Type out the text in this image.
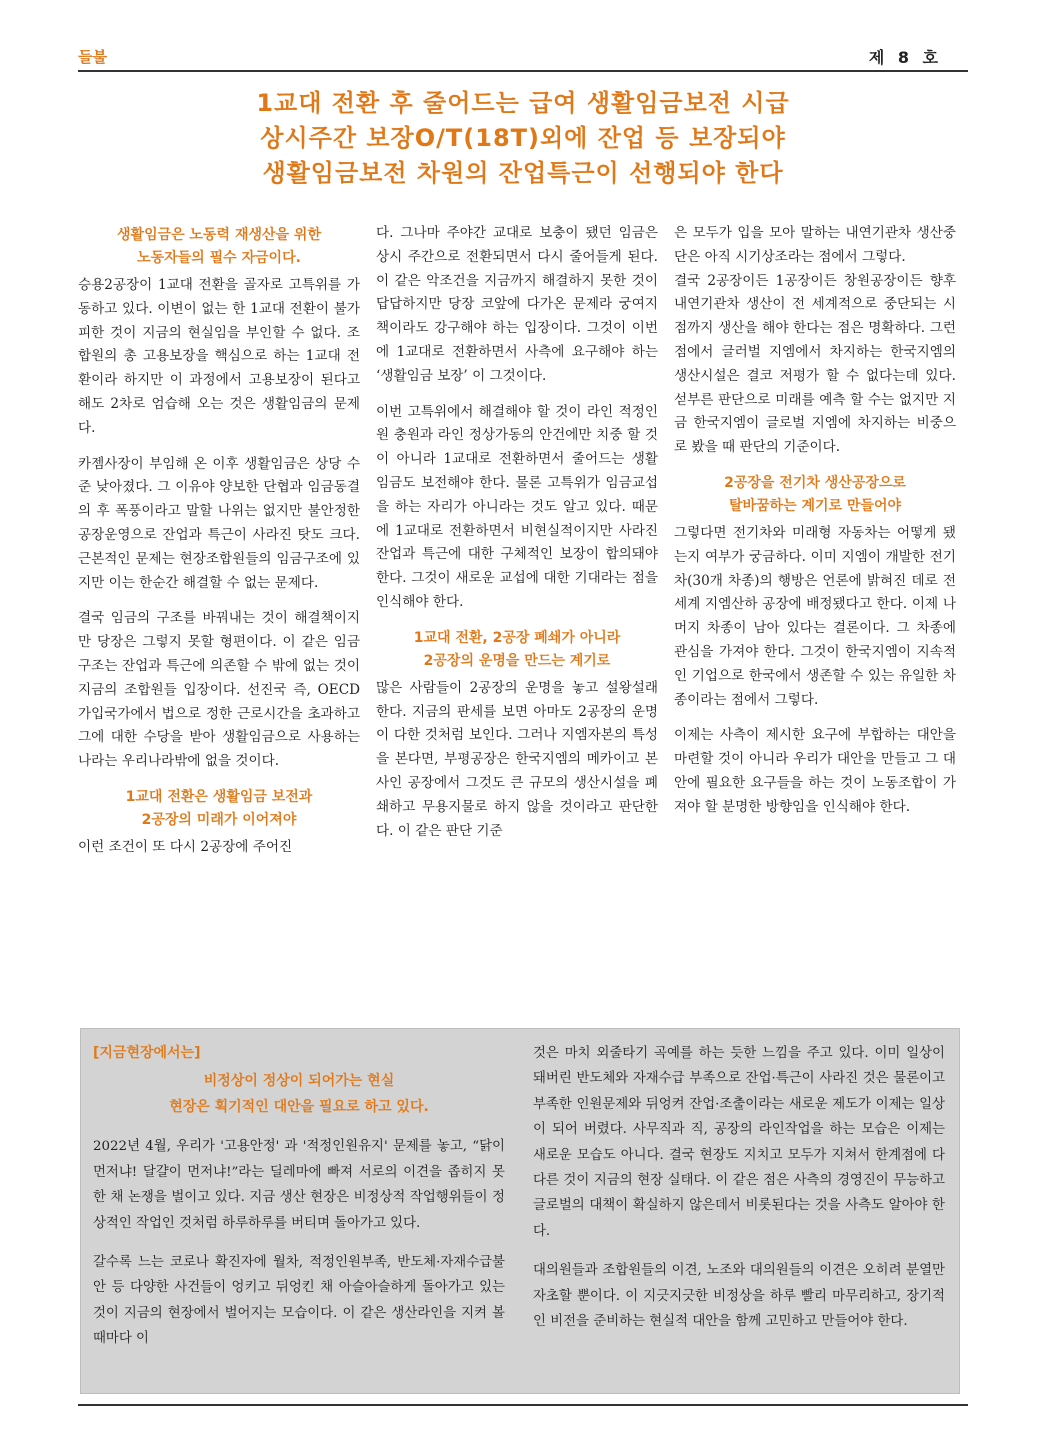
들불	제 8 호
1교대 전환 후 줄어드는 급여 생활임금보전 시급
상시주간 보장O/T(18T)외에 잔업 등 보장되야
생활임금보전 차원의 잔업특근이 선행되야 한다
생활임금은 노동력 재생산을 위한
노동자들의 필수 자금이다.

승용2공장이 1교대 전환을 골자로 고특위를 가동하고 있다. 이변이 없는 한 1교대 전환이 불가피한 것이 지금의 현실임을 부인할 수 없다. 조합원의 총 고용보장을 핵심으로 하는 1교대 전환이라 하지만 이 과정에서 고용보장이 된다고 해도 2차로 엄습해 오는 것은 생활임금의 문제다.

카젬사장이 부임해 온 이후 생활임금은 상당 수준 낮아졌다. 그 이유야 양보한 단협과 임금동결의 후 폭풍이라고 말할 나위는 없지만 불안정한 공장운영으로 잔업과 특근이 사라진 탓도 크다. 근본적인 문제는 현장조합원들의 임금구조에 있지만 이는 한순간 해결할 수 없는 문제다.

결국 임금의 구조를 바꿔내는 것이 해결책이지만 당장은 그렇지 못할 형편이다. 이 같은 임금구조는 잔업과 특근에 의존할 수 밖에 없는 것이 지금의 조합원들 입장이다. 선진국 즉, OECD 가입국가에서 법으로 정한 근로시간을 초과하고 그에 대한 수당을 받아 생활임금으로 사용하는 나라는 우리나라밖에 없을 것이다.

1교대 전환은 생활임금 보전과
2공장의 미래가 이어져야

이런 조건이 또 다시 2공장에 주어진

다. 그나마 주야간 교대로 보충이 됐던 임금은 상시 주간으로 전환되면서 다시 줄어들게 된다. 이 같은 악조건을 지금까지 해결하지 못한 것이 답답하지만 당장 코앞에 다가온 문제라 궁여지책이라도 강구해야 하는 입장이다. 그것이 이번에 1교대로 전환하면서 사측에 요구해야 하는 ‘생활임금 보장’ 이 그것이다.

이번 고특위에서 해결해야 할 것이 라인 적정인원 충원과 라인 정상가동의 안건에만 치중 할 것이 아니라 1교대로 전환하면서 줄어드는 생활 임금도 보전해야 한다. 물론 고특위가 임금교섭을 하는 자리가 아니라는 것도 알고 있다. 때문에 1교대로 전환하면서 비현실적이지만 사라진 잔업과 특근에 대한 구체적인 보장이 합의돼야 한다. 그것이 새로운 교섭에 대한 기대라는 점을 인식해야 한다.

1교대 전환, 2공장 폐쇄가 아니라
2공장의 운명을 만드는 계기로

많은 사람들이 2공장의 운명을 놓고 설왕설래 한다. 지금의 판세를 보면 아마도 2공장의 운명이 다한 것처럼 보인다. 그러나 지엠자본의 특성을 본다면, 부평공장은 한국지엠의 메카이고 본사인 공장에서 그것도 큰 규모의 생산시설을 폐쇄하고 무용지물로 하지 않을 것이라고 판단한다. 이 같은 판단 기준

은 모두가 입을 모아 말하는 내연기관차 생산중단은 아직 시기상조라는 점에서 그렇다.

결국 2공장이든 1공장이든 창원공장이든 향후 내연기관차 생산이 전 세계적으로 중단되는 시점까지 생산을 해야 한다는 점은 명확하다. 그런 점에서 글러벌 지엠에서 차지하는 한국지엠의 생산시설은 결코 저평가 할 수 없다는데 있다. 섣부른 판단으로 미래를 예측 할 수는 없지만 지금 한국지엠이 글로벌 지엠에 차지하는 비중으로 봤을 때 판단의 기준이다.

2공장을 전기차 생산공장으로
탈바꿈하는 계기로 만들어야

그렇다면 전기차와 미래형 자동차는 어떻게 됐는지 여부가 궁금하다. 이미 지엠이 개발한 전기차(30개 차종)의 행방은 언론에 밝혀진 데로 전세계 지엠산하 공장에 배정됐다고 한다. 이제 나머지 차종이 남아 있다는 결론이다. 그 차종에 관심을 가져야 한다. 그것이 한국지엠이 지속적인 기업으로 한국에서 생존할 수 있는 유일한 차종이라는 점에서 그렇다.

이제는 사측이 제시한 요구에 부합하는 대안을 마련할 것이 아니라 우리가 대안을 만들고 그 대안에 필요한 요구들을 하는 것이 노동조합이 가져야 할 분명한 방향임을 인식해야 한다.

[지금현장에서는]
비정상이 정상이 되어가는 현실
현장은 획기적인 대안을 필요로 하고 있다.

2022년 4월, 우리가 '고용안정' 과 '적정인원유지' 문제를 놓고, “닭이 먼저냐! 달걀이 먼저냐!”라는 딜레마에 빠져 서로의 이견을 좁히지 못한 채 논쟁을 벌이고 있다. 지금 생산 현장은 비정상적 작업행위들이 정상적인 작업인 것처럼 하루하루를 버티며 돌아가고 있다.

갈수록 느는 코로나 확진자에 월차, 적정인원부족, 반도체·자재수급불안 등 다양한 사건들이 엉키고 뒤엉킨 채 아슬아슬하게 돌아가고 있는 것이 지금의 현장에서 벌어지는 모습이다. 이 같은 생산라인을 지켜 볼 때마다 이

것은 마치 외줄타기 곡예를 하는 듯한 느낌을 주고 있다. 이미 일상이 돼버린 반도체와 자재수급 부족으로 잔업·특근이 사라진 것은 물론이고 부족한 인원문제와 뒤엉켜 잔업·조출이라는 새로운 제도가 이제는 일상이 되어 버렸다. 사무직과 직, 공장의 라인작업을 하는 모습은 이제는 새로운 모습도 아니다. 결국 현장도 지치고 모두가 지쳐서 한계점에 다다른 것이 지금의 현장 실태다. 이 같은 점은 사측의 경영진이 무능하고 글로벌의 대책이 확실하지 않은데서 비롯된다는 것을 사측도 알아야 한다.

대의원들과 조합원들의 이견, 노조와 대의원들의 이견은 오히려 분열만 자초할 뿐이다. 이 지긋지긋한 비정상을 하루 빨리 마무리하고, 장기적인 비전을 준비하는 현실적 대안을 함께 고민하고 만들어야 한다.
